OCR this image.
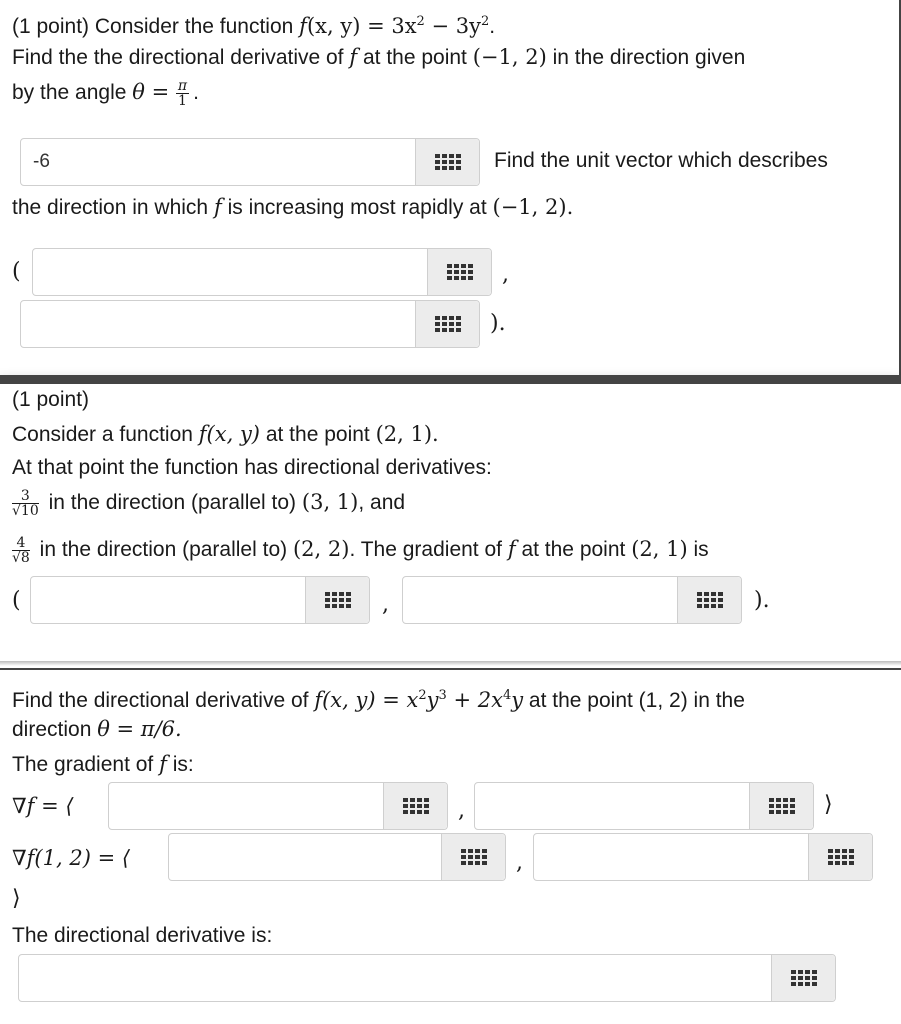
(1 point) Consider the function f(x, $y) = 3x^2 - 3y^2$.
Find the the directional derivative of f at the point (−1, 2) in the direction given
by the angle $\theta = \frac{\pi}{1}$ .
-6
Find the unit vector which describes
the direction in which f is increasing most rapidly at (−1, 2).
(	,
).
(1 point)
Consider a function f(x, y) at the point (2, 1).
At that point the function has directional derivatives:
$\frac{3}{√10}$ in the direction (parallel to) (3, 1), and
$\frac{4}{√8}$ in the direction (parallel to) (2, 2). The gradient of f at the point (2, 1) is
(	,	).
Find the directional derivative of f(x, $y) = x^2y^3 + 2x^4y$ at the point (1, 2) in the
direction θ = π/6.
The gradient of f is:
∇f = ⟨	,	⟩
∇f(1, 2) = ⟨	,
⟩
The directional derivative is:
